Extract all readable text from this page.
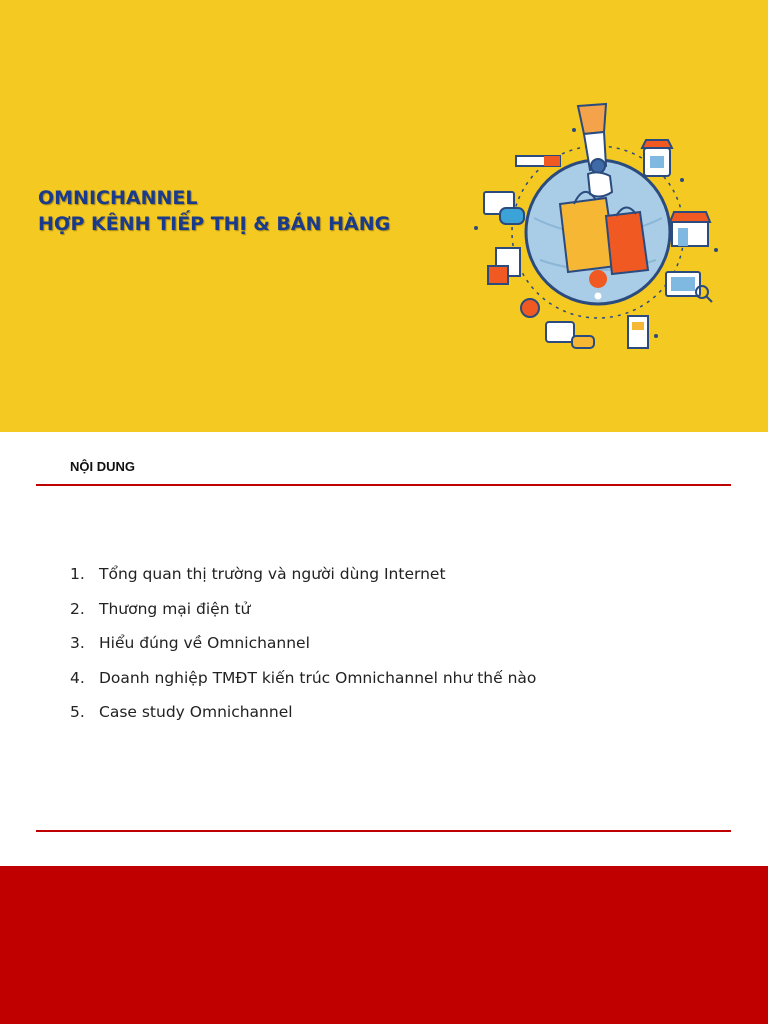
OMNICHANNEL
HỢP KÊNH TIẾP THỊ & BÁN HÀNG
NỘI DUNG
1. Tổng quan thị trường và người dùng Internet
2. Thương mại điện tử
3. Hiểu đúng về Omnichannel
4. Doanh nghiệp TMĐT kiến trúc Omnichannel như thế nào
5. Case study Omnichannel
